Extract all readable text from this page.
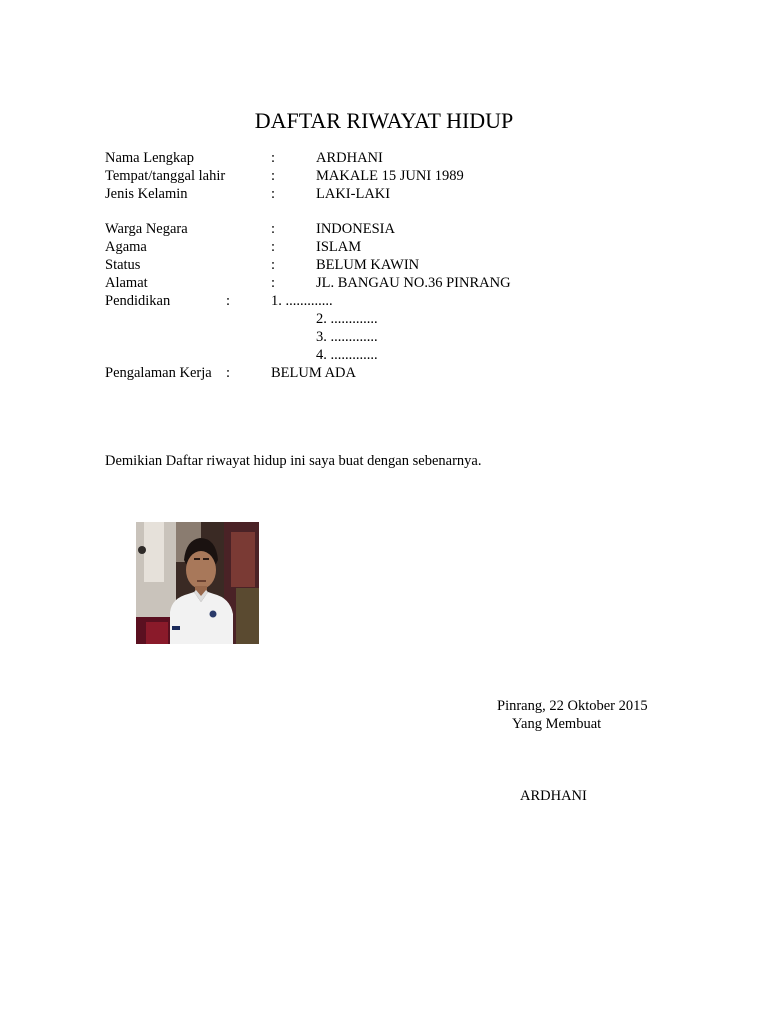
DAFTAR RIWAYAT HIDUP
Nama Lengkap	:	ARDHANI
Tempat/tanggal lahir	:	MAKALE 15 JUNI 1989
Jenis Kelamin	:	LAKI-LAKI
Warga Negara	:	INDONESIA
Agama	:	ISLAM
Status	:	BELUM KAWIN
Alamat	:	JL. BANGAU NO.36 PINRANG
Pendidikan	:	1. .............
2. .............
3. .............
4. .............
Pengalaman Kerja :	BELUM ADA
Demikian Daftar riwayat hidup ini saya buat dengan sebenarnya.
Pinrang, 22 Oktober 2015
Yang Membuat
ARDHANI
